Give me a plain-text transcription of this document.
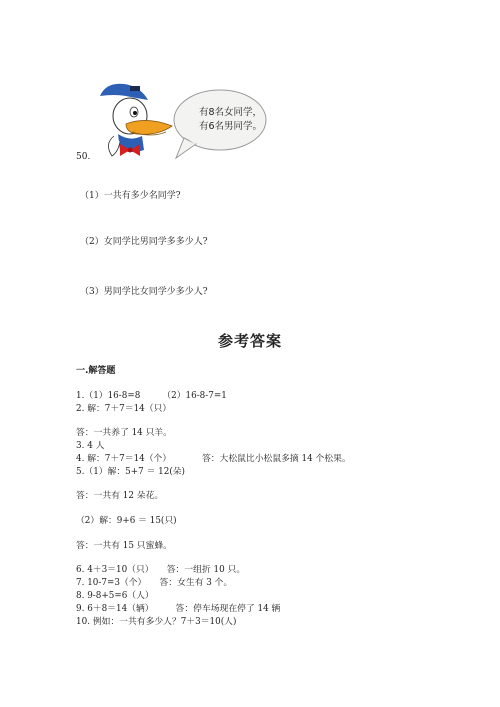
有8名女同学，
有6名男同学。
50.
（1）一共有多少名同学?
（2）女同学比男同学多多少人?
（3）男同学比女同学少多少人?
参考答案
一.解答题
1.（1）16-8=8　　　（2）16-8-7=1
2. 解：7＋7＝14（只）
答：一共养了 14 只羊。
3. 4 人
4. 解：7＋7＝14（个）　　　　答：大松鼠比小松鼠多摘 14 个松果。
5.（1）解：5+7 ＝ 12(朵)
答：一共有 12 朵花。
（2）解：9+6 ＝ 15(只)
答：一共有 15 只蜜蜂。
6. 4＋3＝10（只）　　答：一组折 10 只。
7. 10-7=3（个）　　答：女生有 3 个。
8. 9-8+5=6（人）
9. 6＋8＝14（辆）　　　答：停车场现在停了 14 辆
10. 例如：一共有多少人？7＋3＝10(人)
